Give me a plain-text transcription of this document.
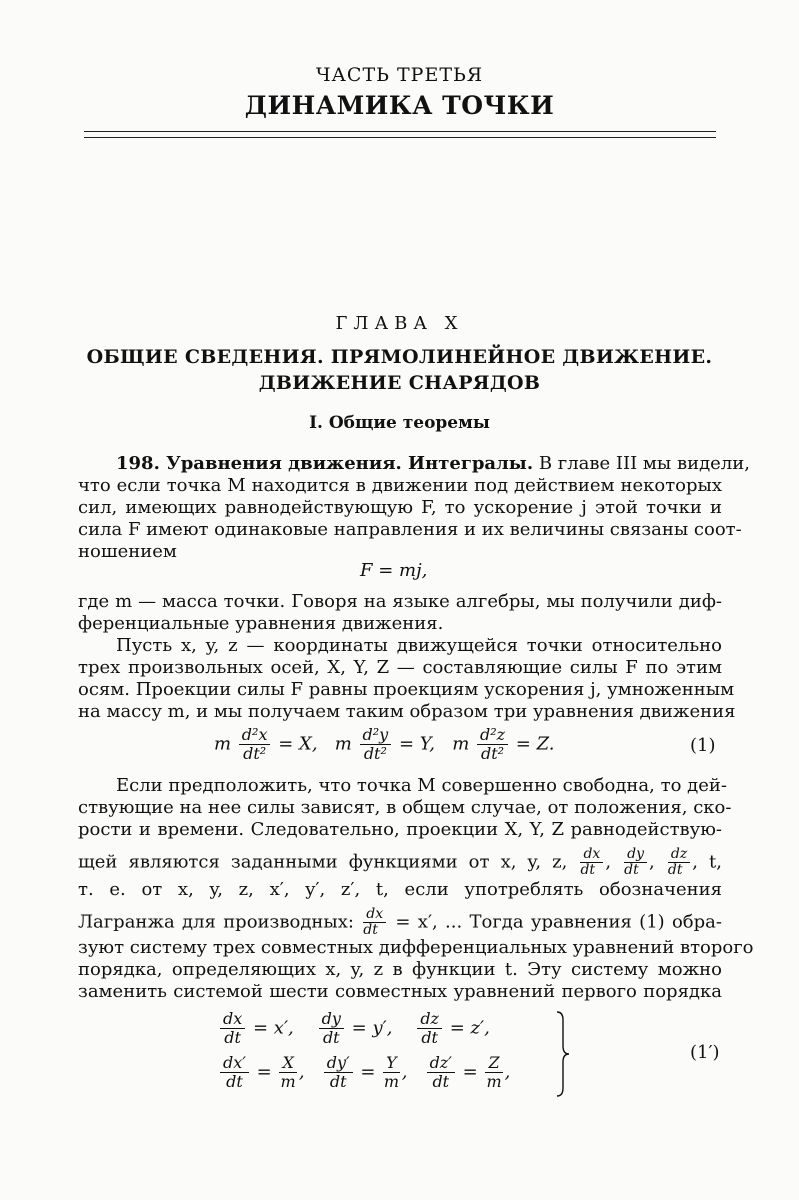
ЧАСТЬ ТРЕТЬЯ
ДИНАМИКА ТОЧКИ
ГЛАВА X
ОБЩИЕ СВЕДЕНИЯ. ПРЯМОЛИНЕЙНОЕ ДВИЖЕНИЕ.
ДВИЖЕНИЕ СНАРЯДОВ
I. Общие теоремы
198. Уравнения движения. Интегралы. В главе III мы видели,
что если точка M находится в движении под действием некоторых
сил, имеющих равнодействующую F, то ускорение j этой точки и
сила F имеют одинаковые направления и их величины связаны соот-
ношением
F = mj,
где m — масса точки. Говоря на языке алгебры, мы получили диф-
ференциальные уравнения движения.
Пусть x, y, z — координаты движущейся точки относительно
трех произвольных осей, X, Y, Z — составляющие силы F по этим
осям. Проекции силы F равны проекциям ускорения j, умноженным
на массу m, и мы получаем таким образом три уравнения движения
m $\frac{\text{d²x}}{\text{dt²}} = X$,   m $\frac{\text{d²y}}{\text{dt²}} = Y$,   m $\frac{\text{d²z}}{\text{dt²}} = Z$.	(1)
Если предположить, что точка M совершенно свободна, то дей-
ствующие на нее силы зависят, в общем случае, от положения, ско-
рости и времени. Следовательно, проекции X, Y, Z равнодействую-
щей являются заданными функциями от x, y, z, $\frac{dx}{dt}$ , $\frac{dy}{dt}$ , $\frac{dz}{dt}$ , t,
т. е. от x, y, z, x′, y′, z′, t, если употреблять обозначения
Лагранжа для производных: $\frac{dx}{dt} = x'$, ... Тогда уравнения (1) обра-
зуют систему трех совместных дифференциальных уравнений второго
порядка, определяющих x, y, z в функции t. Эту систему можно
заменить системой шести совместных уравнений первого порядка
$\frac{dx}{dt} = x'$, $\frac{dy}{dt} = y'$, $\frac{dz}{dt} = z'$,
$\frac{dx'}{dt} = \frac{X}{m}$ , $\frac{dy'}{dt} = \frac{Y}{m}$ , $\frac{dz'}{dt} = \frac{Z}{m}$ ,
(1′)
